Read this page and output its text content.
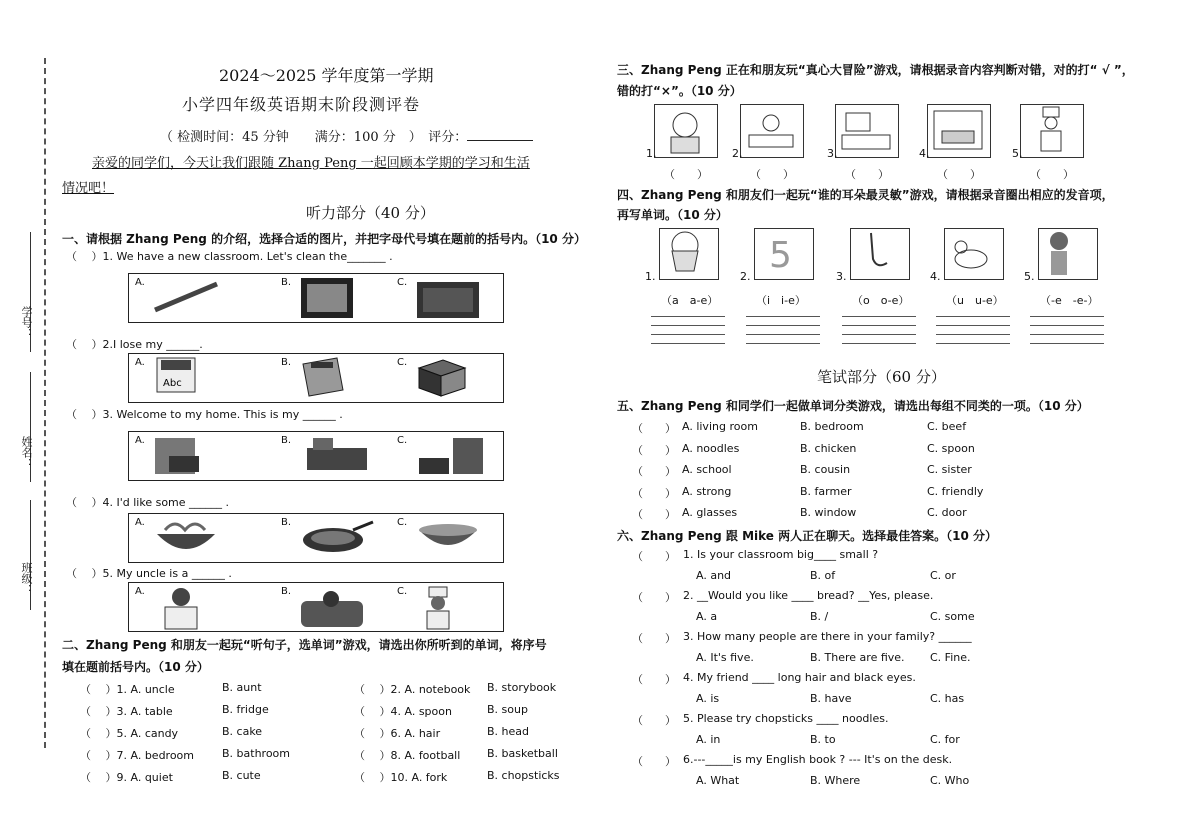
学号：
姓名：
班级：
2024～2025 学年度第一学期
小学四年级英语期末阶段测评卷
（ 检测时间：45 分钟　　满分：100 分　）　评分：
亲爱的同学们，今天让我们跟随 Zhang Peng 一起回顾本学期的学习和生活
情况吧！
听力部分（40 分）
一、请根据 Zhang Peng 的介绍，选择合适的图片，并把字母代号填在题前的括号内。（10 分）
（　 ）1. We have a new classroom. Let's clean the_______ .
A.	B.	C.
（　 ）2.I lose my ______.
A.
Abc
B.	C.
（　 ）3. Welcome to my home. This is my ______ .
A.	B.	C.
（　 ）4. I'd like some ______ .
A.	B.	C.
（　 ）5. My uncle is a ______ .
A.	B.	C.
二、Zhang Peng 和朋友一起玩“听句子，选单词”游戏，请选出你所听到的单词，将序号
填在题前括号内。（10 分）
（　 ）1. A. uncle	B. aunt	（　 ）2. A. notebook B. storybook
（　 ）3. A. table	B. fridge	（　 ）4. A. spoon	B. soup
（　 ）5. A. candy	B. cake	（　 ）6. A. hair	B. head
（　 ）7. A. bedroom	B. bathroom	（　 ）8. A. football B. basketball
（　 ）9. A. quiet	B. cute	（　 ）10. A. fork	B. chopsticks
三、Zhang Peng 正在和朋友玩“真心大冒险”游戏，请根据录音内容判断对错，对的打“ √ ”，
错的打“×”。（10 分）
1.
（　　）
2.
（　　）
3.
（　　）
4.
（　　）
5.
（　　）
四、Zhang Peng 和朋友们一起玩“谁的耳朵最灵敏”游戏，请根据录音圈出相应的发音项，
再写单词。（10 分）
1.
（a　a-e）
2.
5
（i　i-e）
3.
（o　o-e）
4.
（u　u-e）
5.
（-e　-e-）
笔试部分（60 分）
五、Zhang Peng 和同学们一起做单词分类游戏，请选出每组不同类的一项。（10 分）
（　　） A. living room	B. bedroom	C. beef
（　　） A. noodles	B. chicken	C. spoon
（　　） A. school	B. cousin	C. sister
（　　） A. strong	B. farmer	C. friendly
（　　） A. glasses	B. window	C. door
六、Zhang Peng 跟 Mike 两人正在聊天。选择最佳答案。（10 分）
（　　） 1. Is your classroom big____ small ?
A. and	B. of	C. or
（　　） 2. __Would you like ____ bread? __Yes, please.
A. a	B. /	C. some
（　　） 3. How many people are there in your family? ______
A. It's five.	B. There are five. C. Fine.
（　　） 4. My friend ____ long hair and black eyes.
A. is	B. have	C. has
（　　） 5. Please try chopsticks ____ noodles.
A. in	B. to	C. for
（　　） 6.---_____is my English book ? --- It's on the desk.
A. What	B. Where	C. Who
